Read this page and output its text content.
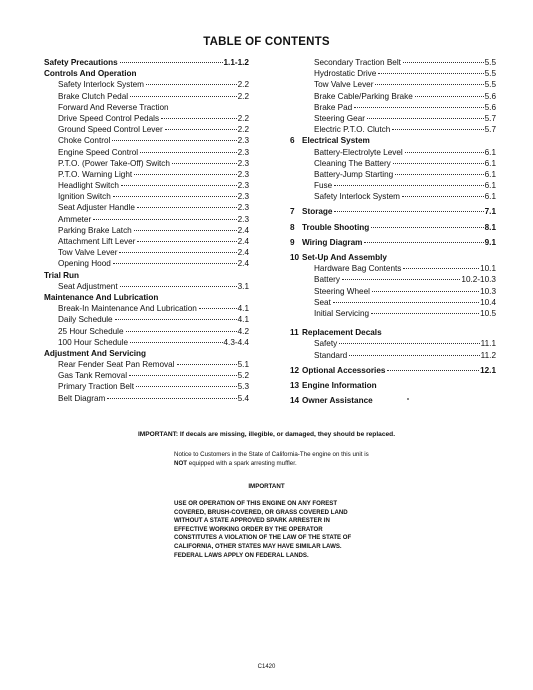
TABLE OF CONTENTS
Safety Precautions	1.1-1.2
Controls And Operation
Safety Interlock System	2.2
Brake Clutch Pedal	2.2
Forward And Reverse Traction
Drive Speed Control Pedals	2.2
Ground Speed Control Lever	2.2
Choke Control	2.3
Engine Speed Control	2.3
P.T.O. (Power Take-Off) Switch	2.3
P.T.O. Warning Light	2.3
Headlight Switch	2.3
Ignition Switch	2.3
Seat Adjuster Handle	2.3
Ammeter	2.3
Parking Brake Latch	2.4
Attachment Lift Lever	2.4
Tow Valve Lever	2.4
Opening Hood	2.4
Trial Run
Seat Adjustment	3.1
Maintenance And Lubrication
Break-In Maintenance And Lubrication	4.1
Daily Schedule	4.1
25 Hour Schedule	4.2
100 Hour Schedule	4.3-4.4
Adjustment And Servicing
Rear Fender Seat Pan Removal	5.1
Gas Tank Removal	5.2
Primary Traction Belt	5.3
Belt Diagram	5.4
Secondary Traction Belt	5.5
Hydrostatic Drive	5.5
Tow Valve Lever	5.5
Brake Cable/Parking Brake	5.6
Brake Pad	5.6
Steering Gear	5.7
Electric P.T.O. Clutch	5.7
6 Electrical System
Battery-Electrolyte Level	6.1
Cleaning The Battery	6.1
Battery-Jump Starting	6.1
Fuse	6.1
Safety Interlock System	6.1
7 Storage	7.1
8 Trouble Shooting	8.1
9 Wiring Diagram	9.1
10 Set-Up And Assembly
Hardware Bag Contents	10.1
Battery	10.2-10.3
Steering Wheel	10.3
Seat	10.4
Initial Servicing	10.5
11 Replacement Decals
Safety	11.1
Standard	11.2
12 Optional Accessories	12.1
13 Engine Information
14 Owner Assistance
IMPORTANT: If decals are missing, illegible, or damaged, they should be replaced.
Notice to Customers in the State of California-The engine on this unit is NOT equipped with a spark arresting muffler.
IMPORTANT
USE OR OPERATION OF THIS ENGINE ON ANY FOREST COVERED, BRUSH-COVERED, OR GRASS COVERED LAND WITHOUT A STATE APPROVED SPARK ARRESTER IN EFFECTIVE WORKING ORDER BY THE OPERATOR CONSTITUTES A VIOLATION OF THE LAW OF THE STATE OF CALIFORNIA, OTHER STATES MAY HAVE SIMILAR LAWS. FEDERAL LAWS APPLY ON FEDERAL LANDS.
C1420
